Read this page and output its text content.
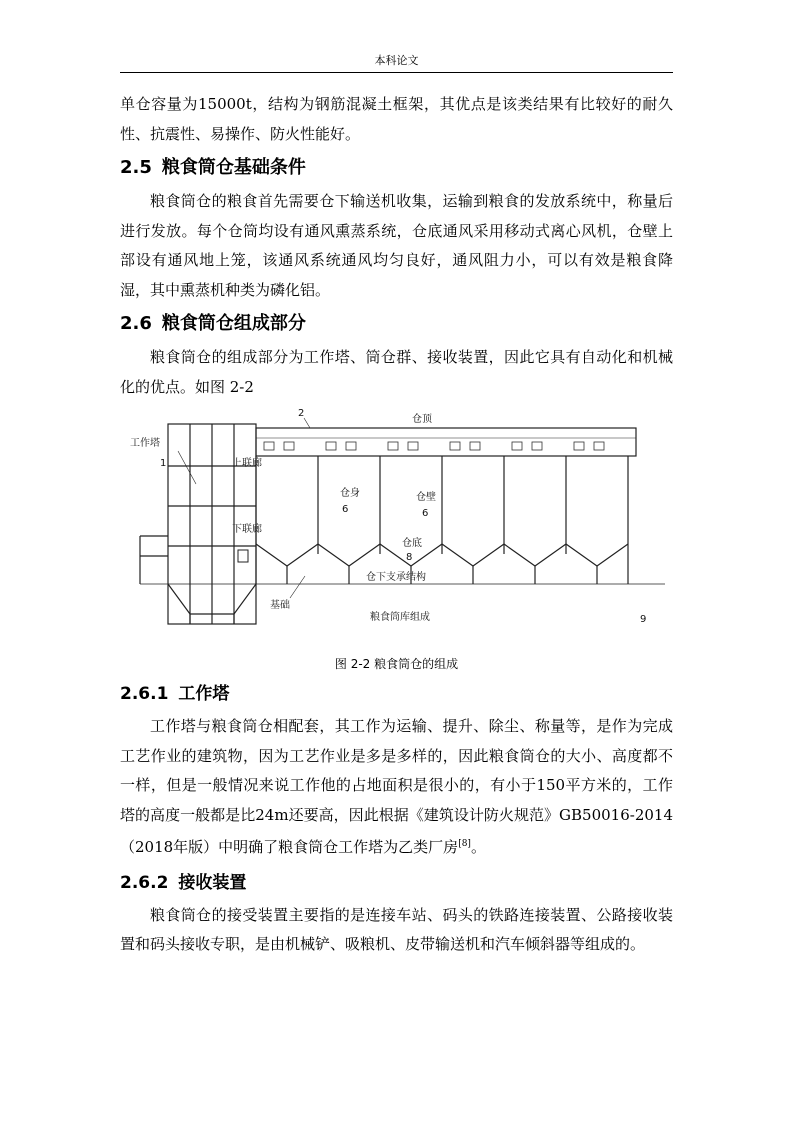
本科论文

单仓容量为15000t，结构为钢筋混凝土框架，其优点是该类结果有比较好的耐久性、抗震性、易操作、防火性能好。

2.5 粮食筒仓基础条件

粮食筒仓的粮食首先需要仓下输送机收集，运输到粮食的发放系统中，称量后进行发放。每个仓筒均设有通风熏蒸系统，仓底通风采用移动式离心风机，仓壁上部设有通风地上笼，该通风系统通风均匀良好，通风阻力小，可以有效是粮食降湿，其中熏蒸机种类为磷化铝。

2.6 粮食筒仓组成部分

粮食筒仓的组成部分为工作塔、筒仓群、接收装置，因此它具有自动化和机械化的优点。如图 2-2

工作塔
1
2
仓顶
上联廊
下联廊
仓身
6
仓壁
6
仓底
8
仓下支承结构
基础
粮食筒库组成	9
图 2-2 粮食筒仓的组成
2.6.1 工作塔

工作塔与粮食筒仓相配套，其工作为运输、提升、除尘、称量等，是作为完成工艺作业的建筑物，因为工艺作业是多是多样的，因此粮食筒仓的大小、高度都不一样，但是一般情况来说工作他的占地面积是很小的，有小于150平方米的，工作塔的高度一般都是比24m还要高，因此根据《建筑设计防火规范》GB50016-2014（2018年版）中明确了粮食筒仓工作塔为乙类厂房[8]。

2.6.2 接收装置

粮食筒仓的接受装置主要指的是连接车站、码头的铁路连接装置、公路接收装置和码头接收专职，是由机械铲、吸粮机、皮带输送机和汽车倾斜器等组成的。
